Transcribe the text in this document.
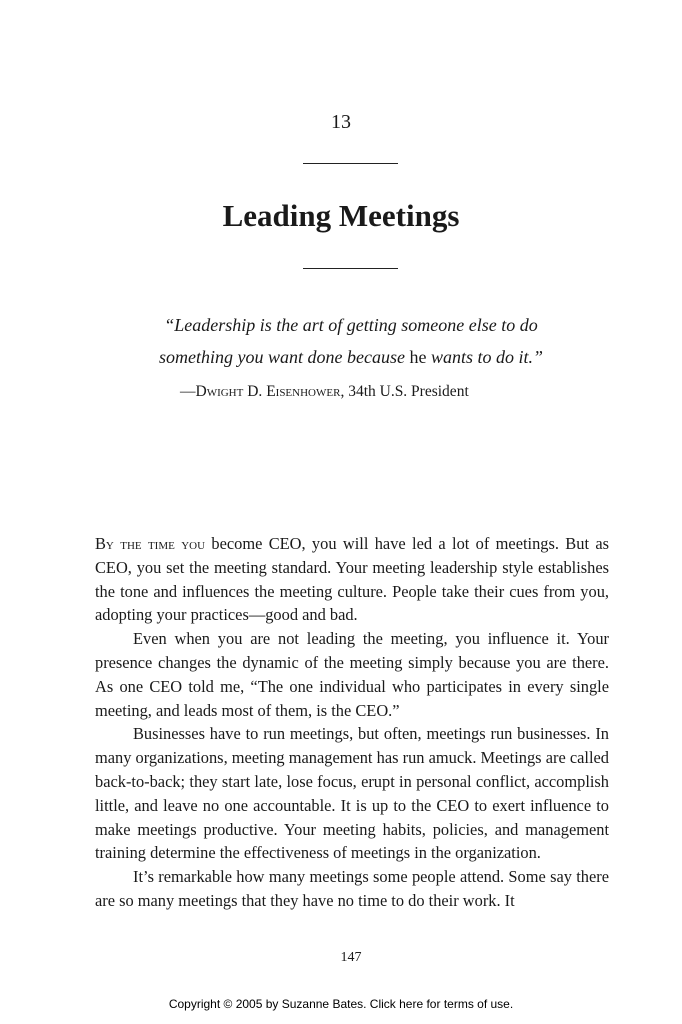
13
Leading Meetings
“Leadership is the art of getting someone else to do
something you want done because he wants to do it.”
—Dwight D. Eisenhower, 34th U.S. President

By the time you become CEO, you will have led a lot of meetings. But as CEO, you set the meeting standard. Your meeting leadership style establishes the tone and influences the meeting culture. People take their cues from you, adopting your practices—good and bad.

Even when you are not leading the meeting, you influence it. Your presence changes the dynamic of the meeting simply because you are there. As one CEO told me, “The one individual who participates in every single meeting, and leads most of them, is the CEO.”

Businesses have to run meetings, but often, meetings run businesses. In many organizations, meeting management has run amuck. Meetings are called back-to-back; they start late, lose focus, erupt in personal conflict, accomplish little, and leave no one accountable. It is up to the CEO to exert influence to make meetings productive. Your meeting habits, policies, and management training determine the effectiveness of meetings in the organization.

It’s remarkable how many meetings some people attend. Some say there are so many meetings that they have no time to do their work. It

147
Copyright © 2005 by Suzanne Bates. Click here for terms of use.
